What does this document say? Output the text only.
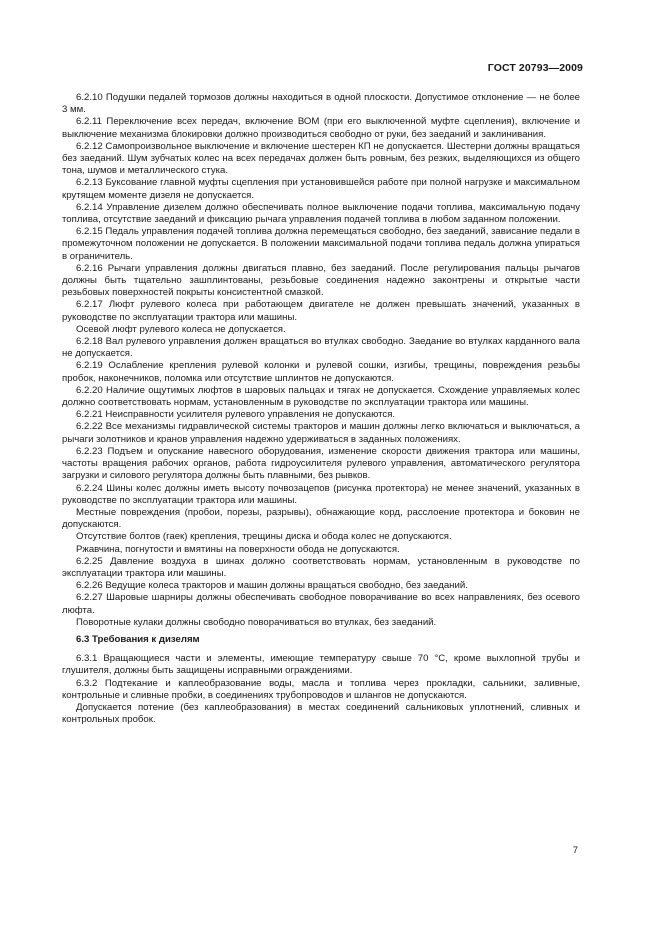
ГОСТ 20793—2009

6.2.10 Подушки педалей тормозов должны находиться в одной плоскости. Допустимое отклонение — не более 3 мм.

6.2.11 Переключение всех передач, включение ВОМ (при его выключенной муфте сцепления), включение и выключение механизма блокировки должно производиться свободно от руки, без заеданий и заклинивания.

6.2.12 Самопроизвольное выключение и включение шестерен КП не допускается. Шестерни должны вращаться без заеданий. Шум зубчатых колес на всех передачах должен быть ровным, без резких, выделяющихся из общего тона, шумов и металлического стука.

6.2.13 Буксование главной муфты сцепления при установившейся работе при полной нагрузке и максимальном крутящем моменте дизеля не допускается.

6.2.14 Управление дизелем должно обеспечивать полное выключение подачи топлива, максимальную подачу топлива, отсутствие заеданий и фиксацию рычага управления подачей топлива в любом заданном положении.

6.2.15 Педаль управления подачей топлива должна перемещаться свободно, без заеданий, зависание педали в промежуточном положении не допускается. В положении максимальной подачи топлива педаль должна упираться в ограничитель.

6.2.16 Рычаги управления должны двигаться плавно, без заеданий. После регулирования пальцы рычагов должны быть тщательно зашплинтованы, резьбовые соединения надежно законтрены и открытые части резьбовых поверхностей покрыты консистентной смазкой.

6.2.17 Люфт рулевого колеса при работающем двигателе не должен превышать значений, указанных в руководстве по эксплуатации трактора или машины.

Осевой люфт рулевого колеса не допускается.

6.2.18 Вал рулевого управления должен вращаться во втулках свободно. Заедание во втулках карданного вала не допускается.

6.2.19 Ослабление крепления рулевой колонки и рулевой сошки, изгибы, трещины, повреждения резьбы пробок, наконечников, поломка или отсутствие шплинтов не допускаются.

6.2.20 Наличие ощутимых люфтов в шаровых пальцах и тягах не допускается. Схождение управляемых колес должно соответствовать нормам, установленным в руководстве по эксплуатации трактора или машины.

6.2.21 Неисправности усилителя рулевого управления не допускаются.

6.2.22 Все механизмы гидравлической системы тракторов и машин должны легко включаться и выключаться, а рычаги золотников и кранов управления надежно удерживаться в заданных положениях.

6.2.23 Подъем и опускание навесного оборудования, изменение скорости движения трактора или машины, частоты вращения рабочих органов, работа гидроусилителя рулевого управления, автоматического регулятора загрузки и силового регулятора должны быть плавными, без рывков.

6.2.24 Шины колес должны иметь высоту почвозацепов (рисунка протектора) не менее значений, указанных в руководстве по эксплуатации трактора или машины.

Местные повреждения (пробои, порезы, разрывы), обнажающие корд, расслоение протектора и боковин не допускаются.

Отсутствие болтов (гаек) крепления, трещины диска и обода колес не допускаются.

Ржавчина, погнутости и вмятины на поверхности обода не допускаются.

6.2.25 Давление воздуха в шинах должно соответствовать нормам, установленным в руководстве по эксплуатации трактора или машины.

6.2.26 Ведущие колеса тракторов и машин должны вращаться свободно, без заеданий.

6.2.27 Шаровые шарниры должны обеспечивать свободное поворачивание во всех направлениях, без осевого люфта.

Поворотные кулаки должны свободно поворачиваться во втулках, без заеданий.

6.3 Требования к дизелям

6.3.1 Вращающиеся части и элементы, имеющие температуру свыше 70 °С, кроме выхлопной трубы и глушителя, должны быть защищены исправными ограждениями.

6.3.2 Подтекание и каплеобразование воды, масла и топлива через прокладки, сальники, заливные, контрольные и сливные пробки, в соединениях трубопроводов и шлангов не допускаются.

Допускается потение (без каплеобразования) в местах соединений сальниковых уплотнений, сливных и контрольных пробок.

7
